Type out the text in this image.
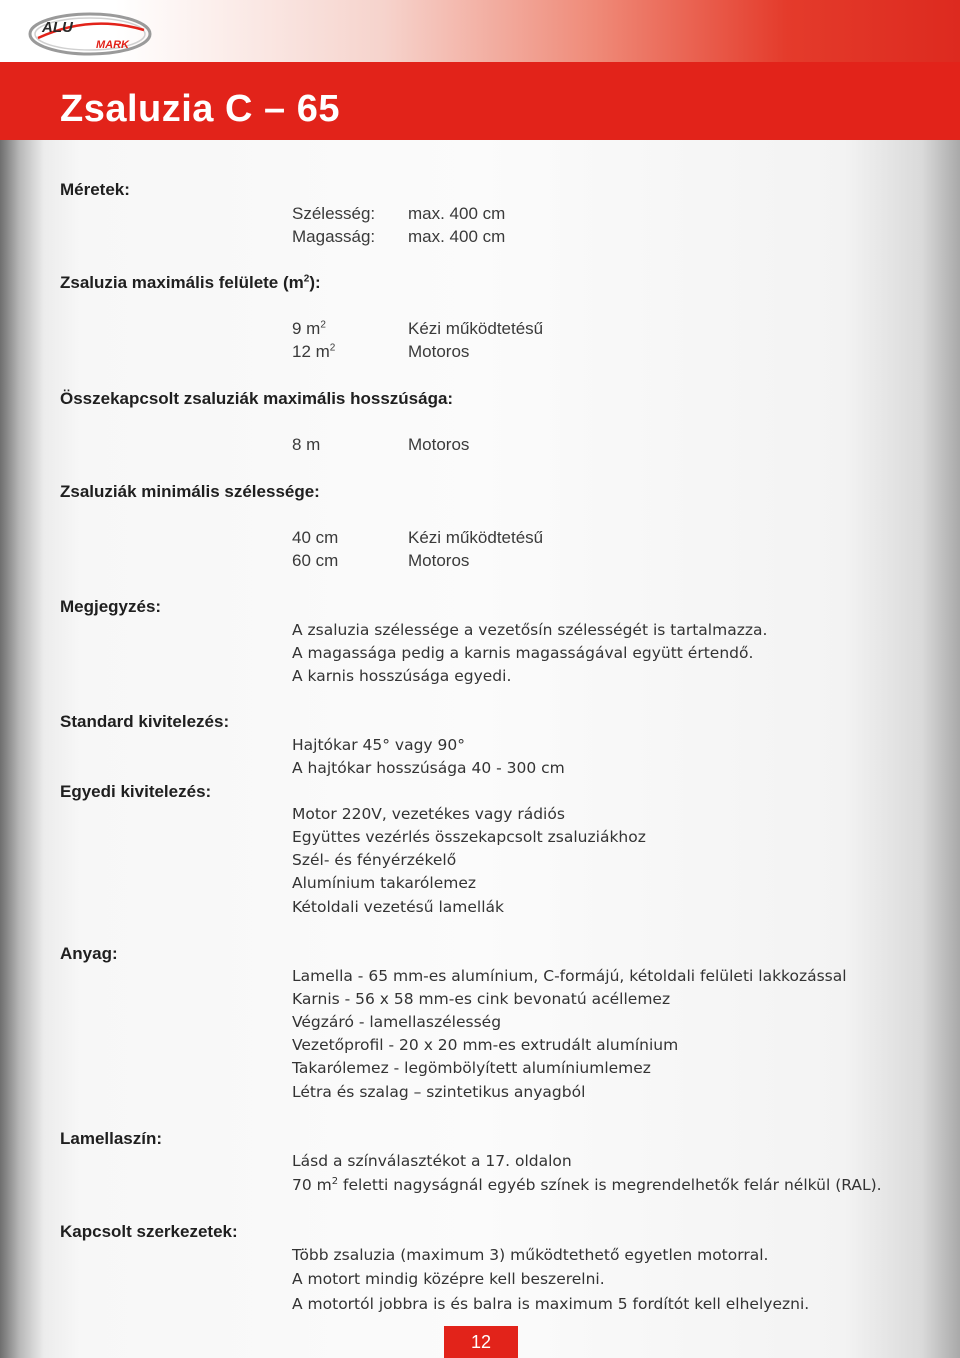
ALU
MARK
Zsaluzia C – 65
Méretek:
Szélesség: max. 400 cm
Magasság: max. 400 cm
Zsaluzia maximális felülete $(m^2)$:
9 $m^2$	Kézi működtetésű
12 $m^2$	Motoros
Összekapcsolt zsaluziák maximális hosszúsága:
8 m	Motoros
Zsaluziák minimális szélessége:
40 cm	Kézi működtetésű
60 cm	Motoros
Megjegyzés:
A zsaluzia szélessége a vezetősín szélességét is tartalmazza.
A magassága pedig a karnis magasságával együtt értendő.
A karnis hosszúsága egyedi.
Standard kivitelezés:
Hajtókar 45° vagy 90°
A hajtókar hosszúsága 40 - 300 cm
Egyedi kivitelezés:
Motor 220V, vezetékes vagy rádiós
Együttes vezérlés összekapcsolt zsaluziákhoz
Szél- és fényérzékelő
Alumínium takarólemez
Kétoldali vezetésű lamellák
Anyag:
Lamella - 65 mm-es alumínium, C-formájú, kétoldali felületi lakkozással
Karnis - 56 x 58 mm-es cink bevonatú acéllemez
Végzáró - lamellaszélesség
Vezetőprofil - 20 x 20 mm-es extrudált alumínium
Takarólemez - legömbölyített alumíniumlemez
Létra és szalag – szintetikus anyagból
Lamellaszín:
Lásd a színválasztékot a 17. oldalon
70 $m^2$ feletti nagyságnál egyéb színek is megrendelhetők felár nélkül (RAL).
Kapcsolt szerkezetek:
Több zsaluzia (maximum 3) működtethető egyetlen motorral.
A motort mindig középre kell beszerelni.
A motortól jobbra is és balra is maximum 5 fordítót kell elhelyezni.
12
